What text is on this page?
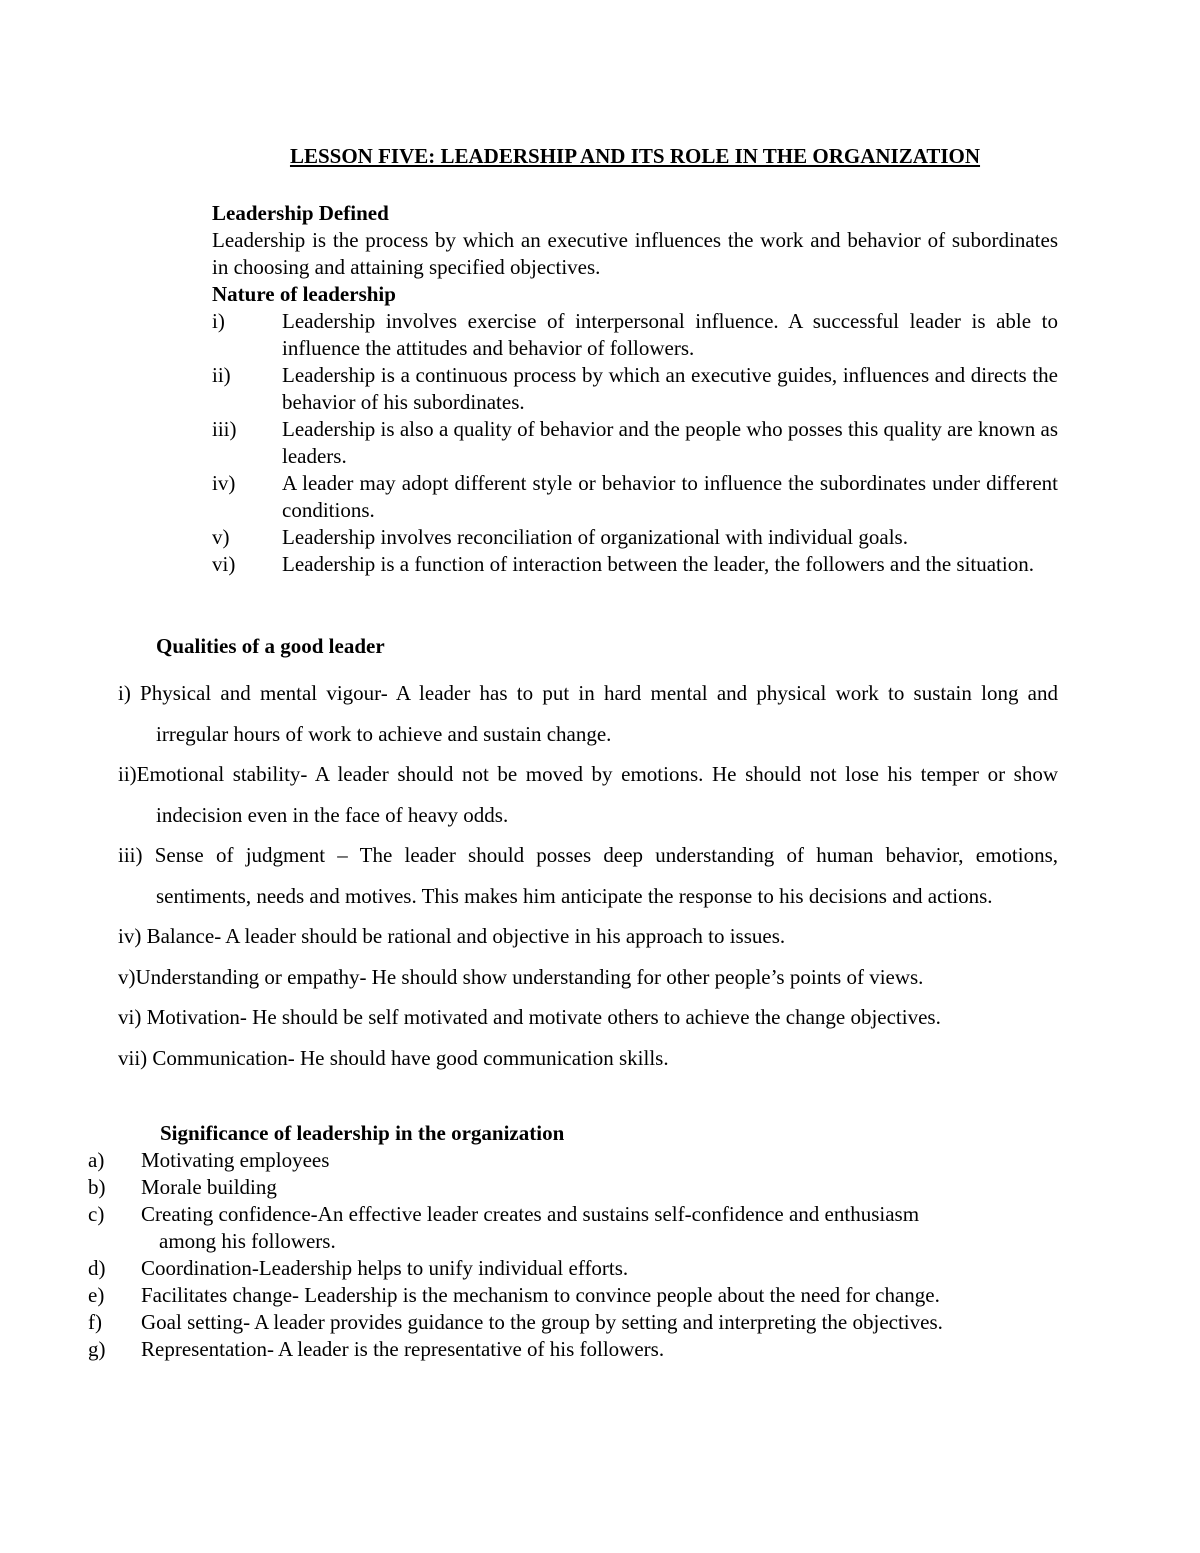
LESSON FIVE: LEADERSHIP AND ITS ROLE IN THE ORGANIZATION
Leadership Defined
Leadership is the process by which an executive influences the work and behavior of subordinates in choosing and attaining specified objectives.
Nature of leadership
i)	Leadership involves exercise of interpersonal influence. A successful leader is able to influence the attitudes and behavior of followers.
ii) Leadership is a continuous process by which an executive guides, influences and directs the behavior of his subordinates.
iii) Leadership is also a quality of behavior and the people who posses this quality are known as leaders.
iv) A leader may adopt different style or behavior to influence the subordinates under different conditions.
v)	Leadership involves reconciliation of organizational with individual goals.
vi) Leadership is a function of interaction between the leader, the followers and the situation.
Qualities of a good leader
i) Physical and mental vigour- A leader has to put in hard mental and physical work to sustain long and irregular hours of work to achieve and sustain change.
ii)Emotional stability- A leader should not be moved by emotions. He should not lose his temper or show indecision even in the face of heavy odds.
iii) Sense of judgment – The leader should posses deep understanding of human behavior, emotions, sentiments, needs and motives. This makes him anticipate the response to his decisions and actions.
iv) Balance- A leader should be rational and objective in his approach to issues.
v)Understanding or empathy- He should show understanding for other people’s points of views.
vi) Motivation- He should be self motivated and motivate others to achieve the change objectives.
vii) Communication- He should have good communication skills.
Significance of leadership in the organization
a) Motivating employees
b) Morale building
c) Creating confidence-An effective leader creates and sustains self-confidence and enthusiasm
among his followers.
d) Coordination-Leadership helps to unify individual efforts.
e) Facilitates change- Leadership is the mechanism to convince people about the need for change.
f) Goal setting- A leader provides guidance to the group by setting and interpreting the objectives.
g) Representation- A leader is the representative of his followers.
